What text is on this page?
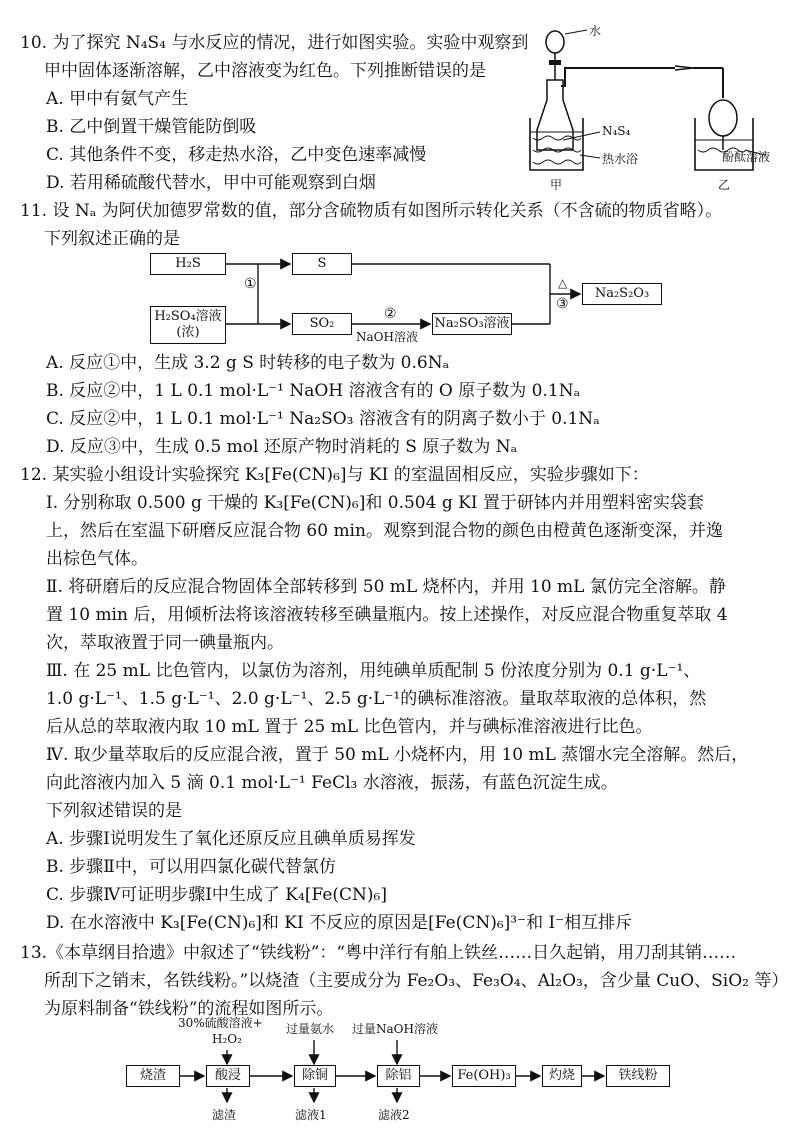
10. 为了探究 N₄S₄ 与水反应的情况，进行如图实验。实验中观察到
甲中固体逐渐溶解，乙中溶液变为红色。下列推断错误的是
A. 甲中有氨气产生
B. 乙中倒置干燥管能防倒吸
C. 其他条件不变，移走热水浴，乙中变色速率减慢
D. 若用稀硫酸代替水，甲中可能观察到白烟
水
N₄S₄
热水浴	酚酞溶液
甲	乙
11. 设 Nₐ 为阿伏加德罗常数的值，部分含硫物质有如图所示转化关系（不含硫的物质省略）。
下列叙述正确的是
H₂S
H₂SO₄溶液
(浓)
S
SO₂	Na₂SO₃溶液
Na₂S₂O₃
①
②
NaOH溶液
△
③
A. 反应①中，生成 3.2 g S 时转移的电子数为 0.6Nₐ
B. 反应②中，1 L 0.1 mol·L⁻¹ NaOH 溶液含有的 O 原子数为 0.1Nₐ
C. 反应②中，1 L 0.1 mol·L⁻¹ Na₂SO₃ 溶液含有的阴离子数小于 0.1Nₐ
D. 反应③中，生成 0.5 mol 还原产物时消耗的 S 原子数为 Nₐ
12. 某实验小组设计实验探究 K₃[Fe(CN)₆]与 KI 的室温固相反应，实验步骤如下：
Ⅰ. 分别称取 0.500 g 干燥的 K₃[Fe(CN)₆]和 0.504 g KI 置于研钵内并用塑料密实袋套
上，然后在室温下研磨反应混合物 60 min。观察到混合物的颜色由橙黄色逐渐变深，并逸
出棕色气体。
Ⅱ. 将研磨后的反应混合物固体全部转移到 50 mL 烧杯内，并用 10 mL 氯仿完全溶解。静
置 10 min 后，用倾析法将该溶液转移至碘量瓶内。按上述操作，对反应混合物重复萃取 4
次，萃取液置于同一碘量瓶内。
Ⅲ. 在 25 mL 比色管内，以氯仿为溶剂，用纯碘单质配制 5 份浓度分别为 0.1 g·L⁻¹、
1.0 g·L⁻¹、1.5 g·L⁻¹、2.0 g·L⁻¹、2.5 g·L⁻¹的碘标准溶液。量取萃取液的总体积，然
后从总的萃取液内取 10 mL 置于 25 mL 比色管内，并与碘标准溶液进行比色。
Ⅳ. 取少量萃取后的反应混合液，置于 50 mL 小烧杯内，用 10 mL 蒸馏水完全溶解。然后，
向此溶液内加入 5 滴 0.1 mol·L⁻¹ FeCl₃ 水溶液，振荡，有蓝色沉淀生成。
下列叙述错误的是
A. 步骤Ⅰ说明发生了氧化还原反应且碘单质易挥发
B. 步骤Ⅱ中，可以用四氯化碳代替氯仿
C. 步骤Ⅳ可证明步骤Ⅰ中生成了 K₄[Fe(CN)₆]
D. 在水溶液中 K₃[Fe(CN)₆]和 KI 不反应的原因是[Fe(CN)₆]³⁻和 I⁻相互排斥
13.《本草纲目拾遗》中叙述了“铁线粉”：“粤中洋行有舶上铁丝……日久起销，用刀刮其销……
所刮下之销末，名铁线粉。”以烧渣（主要成分为 Fe₂O₃、Fe₃O₄、Al₂O₃，含少量 CuO、SiO₂ 等）
为原料制备“铁线粉”的流程如图所示。
30%硫酸溶液+
H₂O₂
过量氨水 过量NaOH溶液
烧渣	酸浸	除铜	除铝	Fe(OH)₃	灼烧	铁线粉
滤渣	滤液1	滤液2
